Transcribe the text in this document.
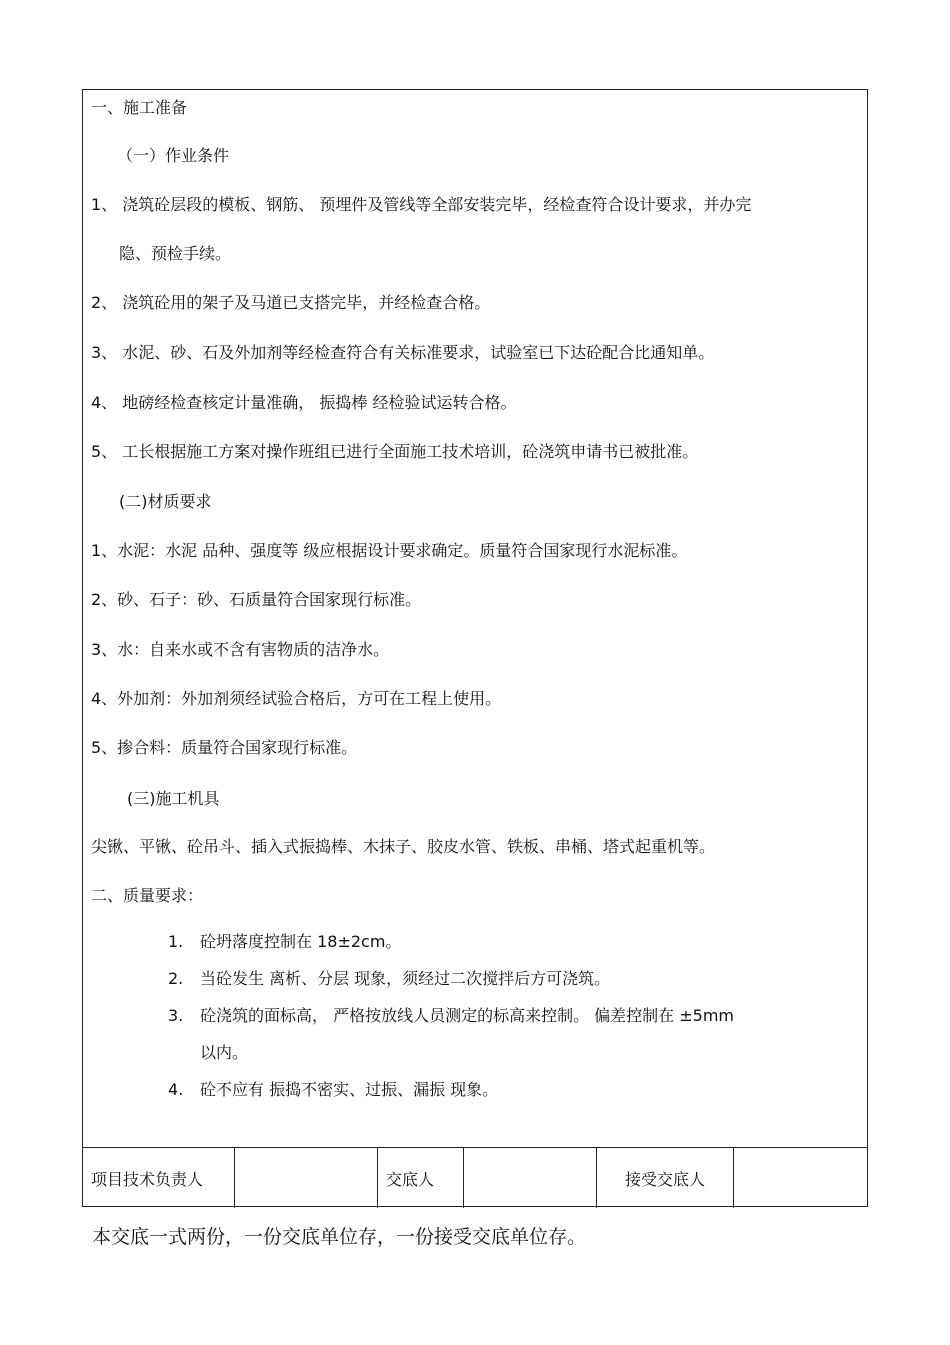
一、施工准备
（一）作业条件
1、 浇筑砼层段的模板、钢筋、 预埋件及管线等全部安装完毕，经检查符合设计要求，并办完
隐、预检手续。
2、 浇筑砼用的架子及马道已支搭完毕，并经检查合格。
3、 水泥、砂、石及外加剂等经检查符合有关标准要求，试验室已下达砼配合比通知单。
4、 地磅经检查核定计量准确， 振捣棒 经检验试运转合格。
5、 工长根据施工方案对操作班组已进行全面施工技术培训，砼浇筑申请书已被批准。
(二)材质要求
1、水泥：水泥 品种、强度等 级应根据设计要求确定。质量符合国家现行水泥标准。
2、砂、石子：砂、石质量符合国家现行标准。
3、水：自来水或不含有害物质的洁净水。
4、外加剂：外加剂须经试验合格后，方可在工程上使用。
5、掺合料：质量符合国家现行标准。
(三)施工机具
尖锹、平锹、砼吊斗、插入式振捣棒、木抹子、胶皮水管、铁板、串桶、塔式起重机等。
二、质量要求：
1. 砼坍落度控制在 18±2cm。
2. 当砼发生 离析、分层 现象，须经过二次搅拌后方可浇筑。
3. 砼浇筑的面标高， 严格按放线人员测定的标高来控制。 偏差控制在 ±5mm
以内。
4. 砼不应有 振捣不密实、过振、漏振 现象。
项目技术负责人	交底人	接受交底人
本交底一式两份，一份交底单位存，一份接受交底单位存。
